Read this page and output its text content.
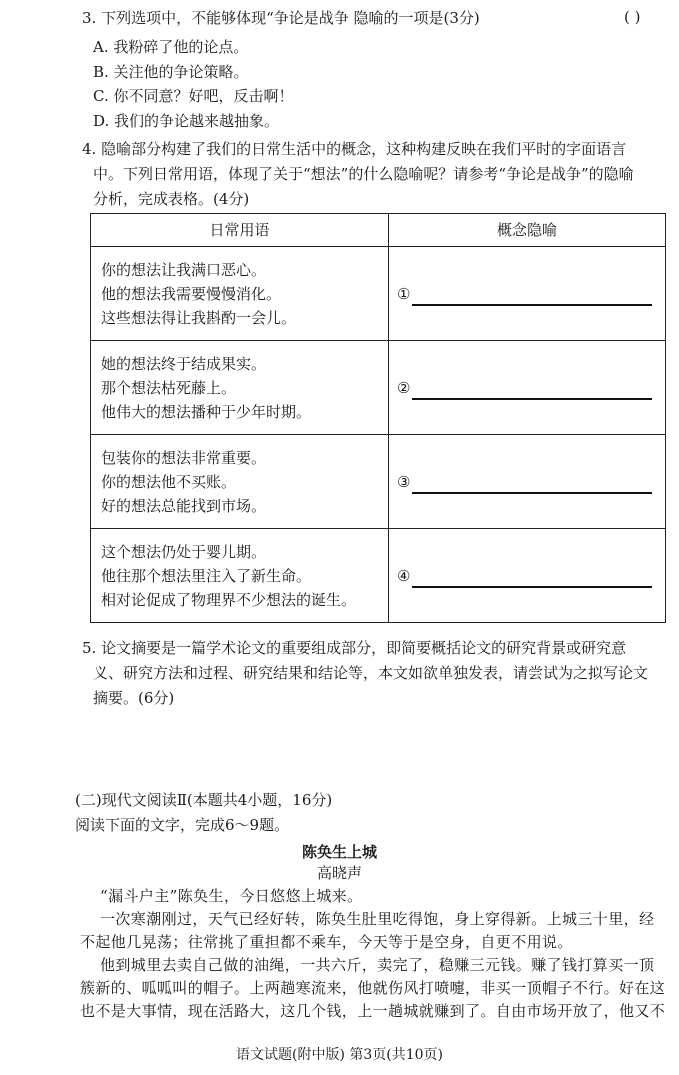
3. 下列选项中，不能够体现“争论是战争 隐喻的一项是(3分)	( )
A. 我粉碎了他的论点。
B. 关注他的争论策略。
C. 你不同意？好吧，反击啊！
D. 我们的争论越来越抽象。
4. 隐喻部分构建了我们的日常生活中的概念，这种构建反映在我们平时的字面语言
中。下列日常用语，体现了关于“想法”的什么隐喻呢？请参考“争论是战争”的隐喻
分析，完成表格。(4分)
日常用语	概念隐喻

你的想法让我满口恶心。
他的想法我需要慢慢消化。
这些想法得让我斟酌一会儿。	①

她的想法终于结成果实。
那个想法枯死藤上。
他伟大的想法播种于少年时期。	②

包装你的想法非常重要。
你的想法他不买账。
好的想法总能找到市场。	③

这个想法仍处于婴儿期。
他往那个想法里注入了新生命。
相对论促成了物理界不少想法的诞生。	④
5. 论文摘要是一篇学术论文的重要组成部分，即简要概括论文的研究背景或研究意
义、研究方法和过程、研究结果和结论等，本文如欲单独发表，请尝试为之拟写论文
摘要。(6分)
(二)现代文阅读Ⅱ(本题共4小题，16分)
阅读下面的文字，完成6～9题。
陈奂生上城
高晓声
“漏斗户主”陈奂生，今日悠悠上城来。
一次寒潮刚过，天气已经好转，陈奂生肚里吃得饱，身上穿得新。上城三十里，经
不起他几晃荡；往常挑了重担都不乘车，今天等于是空身，自更不用说。
他到城里去卖自己做的油绳，一共六斤，卖完了，稳赚三元钱。赚了钱打算买一顶
簇新的、呱呱叫的帽子。上两趟寒流来，他就伤风打喷嚏，非买一顶帽子不行。好在这
也不是大事情，现在活路大，这几个钱，上一趟城就赚到了。自由市场开放了，他又不
语文试题(附中版) 第3页(共10页)
